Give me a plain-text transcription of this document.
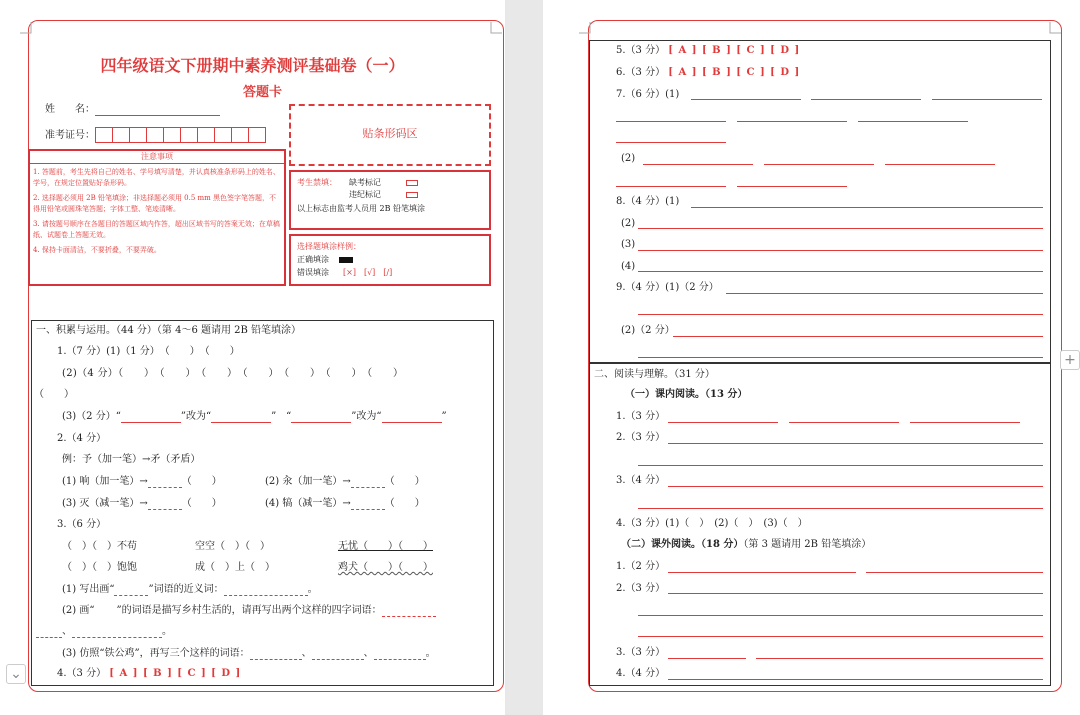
四年级语文下册期中素养测评基础卷（一）
答题卡
姓　　名：
准考证号：	贴条形码区
注意事项
1. 答题前，考生先将自己的姓名、学号填写清楚，并认真核准条形码上的姓名、学号，在规定位置贴好条形码。
2. 选择题必须用 2B 铅笔填涂；非选择题必须用 0.5 mm 黑色签字笔答题，不得用铅笔或圆珠笔答题；字体工整、笔迹清晰。
3. 请按题号顺序在各题目的答题区域内作答，超出区域书写的答案无效；在草稿纸、试题卷上答题无效。
4. 保持卡面清洁，不要折叠，不要弄破。
考生禁填： 缺考标记
违纪标记
以上标志由监考人员用 2B 铅笔填涂
选择题填涂样例：
正确填涂
错误填涂 [×]　[√]　[/]
一、积累与运用。（44 分）（第 4～6 题请用 2B 铅笔填涂）
1.（7 分）(1)（1 分）　（　　）　（　　）
(2)（4 分）（　　）　（　　）　（　　）　（　　）　（　　）　（　　）　（　　）
（　　）
(3)（2 分）“	”改为“	”　“	”改为“	”
2.（4 分）
例：予（加一笔）→矛（矛盾）
(1) 响（加一笔）→	（　　）	(2) 汆（加一笔）→	（　　）
(3) 灭（减一笔）→	（　　）	(4) 犒（减一笔）→	（　　）
3.（6 分）
（　）（　）不苟	空空（　）（　）	无忧（　　）（　　）
（　）（　）饱饱	成（　）上（　）	鸡犬（　　）（　　）
(1) 写出画“	”词语的近义词：	。
(2) 画“ ”的词语是描写乡村生活的，请再写出两个这样的四字词语：
、	。
(3) 仿照“铁公鸡”，再写三个这样的词语：	、	、	。
4.（3 分） [ A ] [ B ] [ C ] [ D ]
⌄
5.（3 分） [ A ] [ B ] [ C ] [ D ]
6.（3 分） [ A ] [ B ] [ C ] [ D ]
7.（6 分）(1)
(2)
8.（4 分）(1)
(2)
(3)
(4)
9.（4 分）(1)（2 分）
(2)（2 分）
二、阅读与理解。（31 分）
（一）课内阅读。（13 分）
1.（3 分）
2.（3 分）
3.（4 分）
4.（3 分）(1)（　）　(2)（　）　(3)（　）
（二）课外阅读。（18 分）（第 3 题请用 2B 铅笔填涂）
1.（2 分）
2.（3 分）
3.（3 分）
4.（4 分）
+
